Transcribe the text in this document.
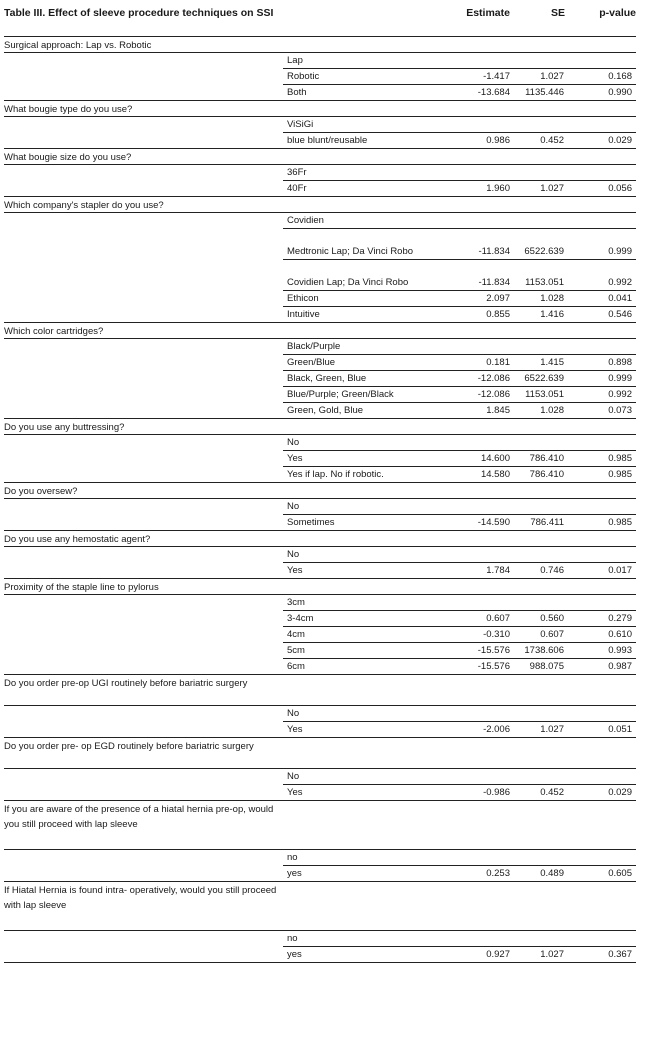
Table III. Effect of sleeve procedure techniques on SSI	Estimate	SE	p-value
Surgical approach: Lap vs. Robotic
Lap
Robotic	-1.417	1.027	0.168
Both	-13.684 1135.446	0.990
What bougie type do you use?
ViSiGi
blue blunt/reusable	0.986	0.452	0.029
What bougie size do you use?
36Fr
40Fr	1.960	1.027	0.056
Which company's stapler do you use?
Covidien
Medtronic Lap; Da Vinci Robo	-11.834 6522.639	0.999
Covidien Lap; Da Vinci Robo	-11.834 1153.051	0.992
Ethicon	2.097	1.028	0.041
Intuitive	0.855	1.416	0.546
Which color cartridges?
Black/Purple
Green/Blue	0.181	1.415	0.898
Black, Green, Blue	-12.086 6522.639	0.999
Blue/Purple; Green/Black	-12.086 1153.051	0.992
Green, Gold, Blue	1.845	1.028	0.073
Do you use any buttressing?
No
Yes	14.600 786.410	0.985
Yes if lap. No if robotic.	14.580 786.410	0.985
Do you oversew?
No
Sometimes	-14.590 786.411	0.985
Do you use any hemostatic agent?
No
Yes	1.784	0.746	0.017
Proximity of the staple line to pylorus
3cm
3-4cm	0.607	0.560	0.279
4cm	-0.310	0.607	0.610
5cm	-15.576 1738.606	0.993
6cm	-15.576 988.075	0.987
Do you order pre-op UGI routinely before bariatric surgery
No
Yes	-2.006	1.027	0.051
Do you order pre- op EGD routinely before bariatric surgery
No
Yes	-0.986	0.452	0.029
If you are aware of the presence of a hiatal hernia pre-op, would you still proceed with lap sleeve
no
yes	0.253	0.489	0.605
If Hiatal Hernia is found intra- operatively, would you still proceed with lap sleeve
no
yes	0.927	1.027	0.367
